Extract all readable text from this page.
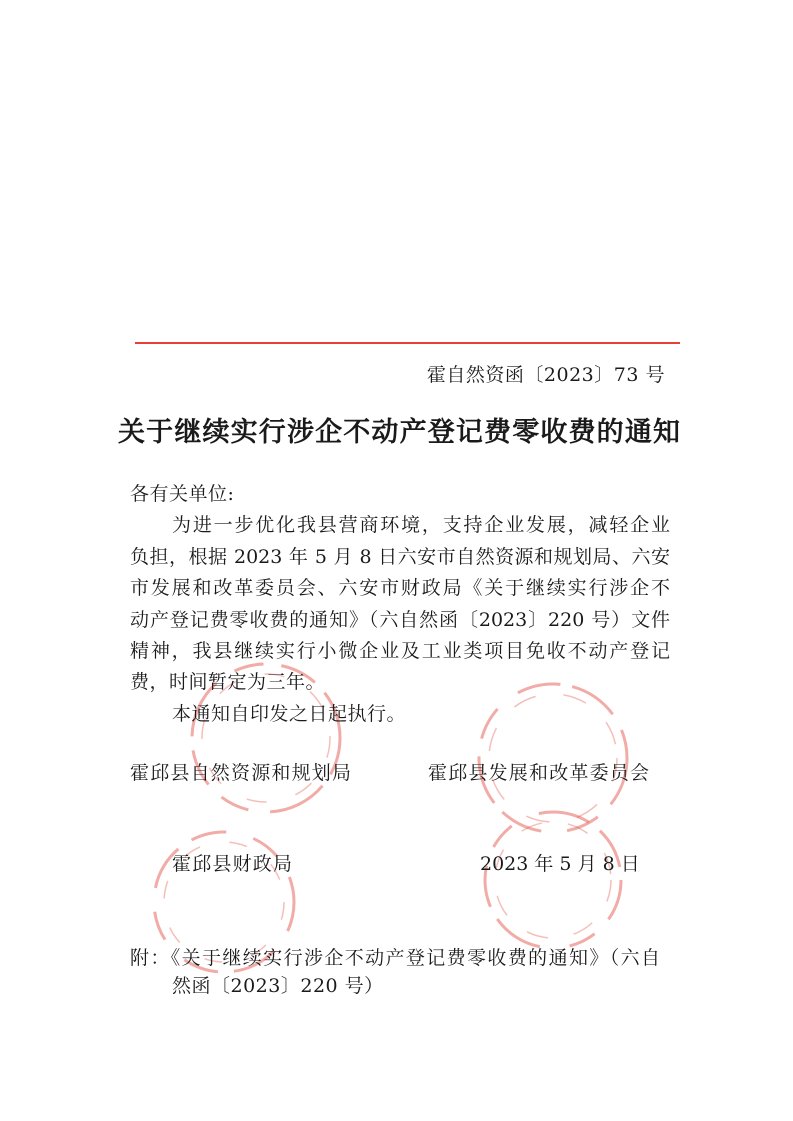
霍自然资函〔2023〕73 号
关于继续实行涉企不动产登记费零收费的通知
各有关单位:
为进一步优化我县营商环境，支持企业发展，减轻企业
负担，根据 2023 年 5 月 8 日六安市自然资源和规划局、六安
市发展和改革委员会、六安市财政局《关于继续实行涉企不
动产登记费零收费的通知》（六自然函〔2023〕220 号）文件
精神，我县继续实行小微企业及工业类项目免收不动产登记
费，时间暂定为三年。
本通知自印发之日起执行。
霍邱县自然资源和规划局	霍邱县发展和改革委员会
霍邱县财政局	2023 年 5 月 8 日
附：《关于继续实行涉企不动产登记费零收费的通知》（六自
然函〔2023〕220 号）
